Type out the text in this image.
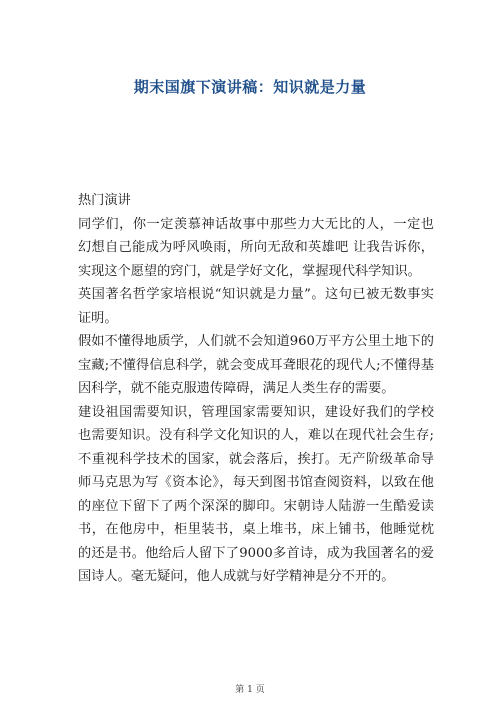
期末国旗下演讲稿：知识就是力量

热门演讲

同学们，你一定羡慕神话故事中那些力大无比的人，一定也幻想自己能成为呼风唤雨，所向无敌和英雄吧 让我告诉你，实现这个愿望的窍门，就是学好文化，掌握现代科学知识。

英国著名哲学家培根说“知识就是力量”。这句已被无数事实证明。

假如不懂得地质学，人们就不会知道960万平方公里土地下的宝藏;不懂得信息科学，就会变成耳聋眼花的现代人;不懂得基因科学，就不能克服遗传障碍，满足人类生存的需要。

建设祖国需要知识，管理国家需要知识，建设好我们的学校也需要知识。没有科学文化知识的人，难以在现代社会生存;不重视科学技术的国家，就会落后，挨打。无产阶级革命导师马克思为写《资本论》，每天到图书馆查阅资料，以致在他的座位下留下了两个深深的脚印。宋朝诗人陆游一生酷爱读书，在他房中，柜里装书，桌上堆书，床上铺书，他睡觉枕的还是书。他给后人留下了9000多首诗，成为我国著名的爱国诗人。毫无疑问，他人成就与好学精神是分不开的。

第 1 页
